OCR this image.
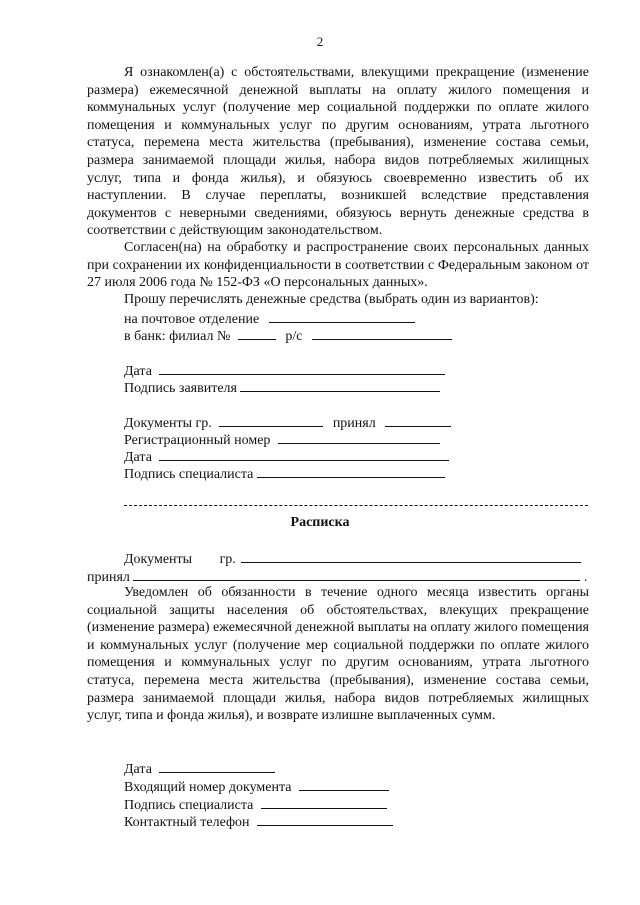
2

Я ознакомлен(а) с обстоятельствами, влекущими прекращение (изменение размера) ежемесячной денежной выплаты на оплату жилого помещения и коммунальных услуг (получение мер социальной поддержки по оплате жилого помещения и коммунальных услуг по другим основаниям, утрата льготного статуса, перемена места жительства (пребывания), изменение состава семьи, размера занимаемой площади жилья, набора видов потребляемых жилищных услуг, типа и фонда жилья), и обязуюсь своевременно известить об их наступлении. В случае переплаты, возникшей вследствие представления документов с неверными сведениями, обязуюсь вернуть денежные средства в соответствии с действующим законодательством.

Согласен(на) на обработку и распространение своих персональных данных при сохранении их конфиденциальности в соответствии с Федеральным законом от 27 июля 2006 года № 152-ФЗ «О персональных данных».

Прошу перечислять денежные средства (выбрать один из вариантов):
на почтовое отделение
в банк: филиал №	р/с
Дата
Подпись заявителя
Документы гр.	принял
Регистрационный номер
Дата
Подпись специалиста
Расписка
Документы гр.
принял	.

Уведомлен об обязанности в течение одного месяца известить органы социальной защиты населения об обстоятельствах, влекущих прекращение (изменение размера) ежемесячной денежной выплаты на оплату жилого помещения и коммунальных услуг (получение мер социальной поддержки по оплате жилого помещения и коммунальных услуг по другим основаниям, утрата льготного статуса, перемена места жительства (пребывания), изменение состава семьи, размера занимаемой площади жилья, набора видов потребляемых жилищных услуг, типа и фонда жилья), и возврате излишне выплаченных сумм.

Дата
Входящий номер документа
Подпись специалиста
Контактный телефон
